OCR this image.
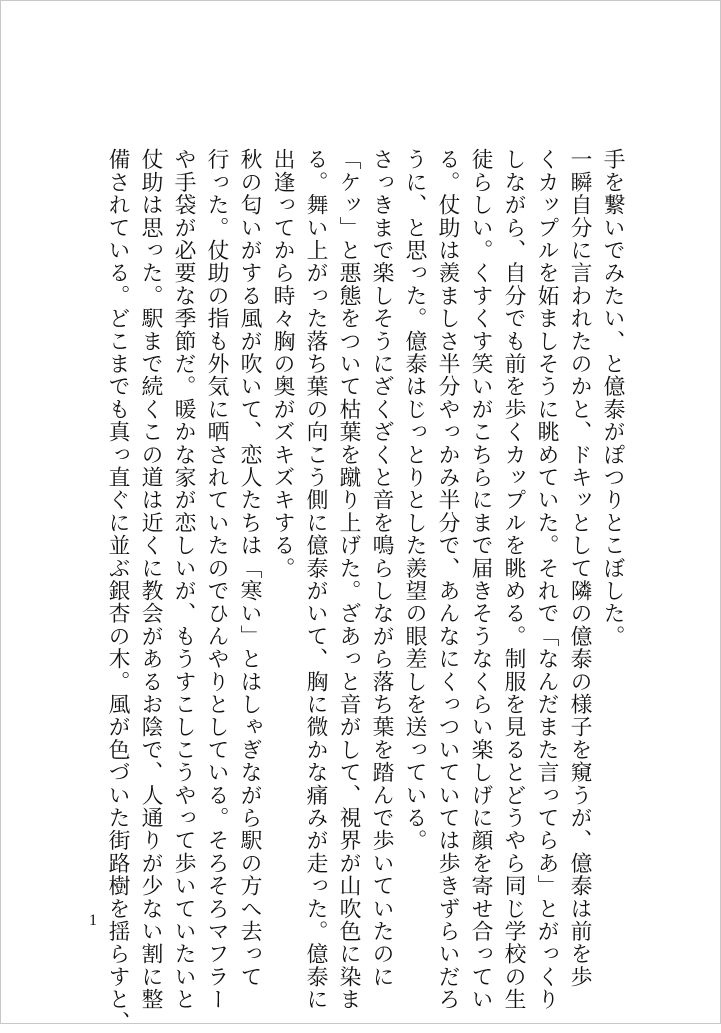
手を繋いでみたい、と億泰がぽつりとこぼした。
一瞬自分に言われたのかと、ドキッとして隣の億泰の様子を窺うが、億泰は前を歩
くカップルを妬ましそうに眺めていた。それで「なんだまた言ってらあ」とがっくり
しながら、自分でも前を歩くカップルを眺める。制服を見るとどうやら同じ学校の生
徒らしい。くすくす笑いがこちらにまで届きそうなくらい楽しげに顔を寄せ合ってい
る。仗助は羨ましさ半分やっかみ半分で、あんなにくっついていては歩きずらいだろ
うに、と思った。億泰はじっとりとした羨望の眼差しを送っている。
さっきまで楽しそうにざくざくと音を鳴らしながら落ち葉を踏んで歩いていたのに
「ケッ」と悪態をついて枯葉を蹴り上げた。ざあっと音がして、視界が山吹色に染ま
る。舞い上がった落ち葉の向こう側に億泰がいて、胸に微かな痛みが走った。億泰に
出逢ってから時々胸の奥がズキズキする。
秋の匂いがする風が吹いて、恋人たちは「寒い」とはしゃぎながら駅の方へ去って
行った。仗助の指も外気に晒されていたのでひんやりとしている。そろそろマフラー
や手袋が必要な季節だ。暖かな家が恋しいが、もうすこしこうやって歩いていたいと
仗助は思った。駅まで続くこの道は近くに教会があるお陰で、人通りが少ない割に整
備されている。どこまでも真っ直ぐに並ぶ銀杏の木。風が色づいた街路樹を揺らすと、
1
